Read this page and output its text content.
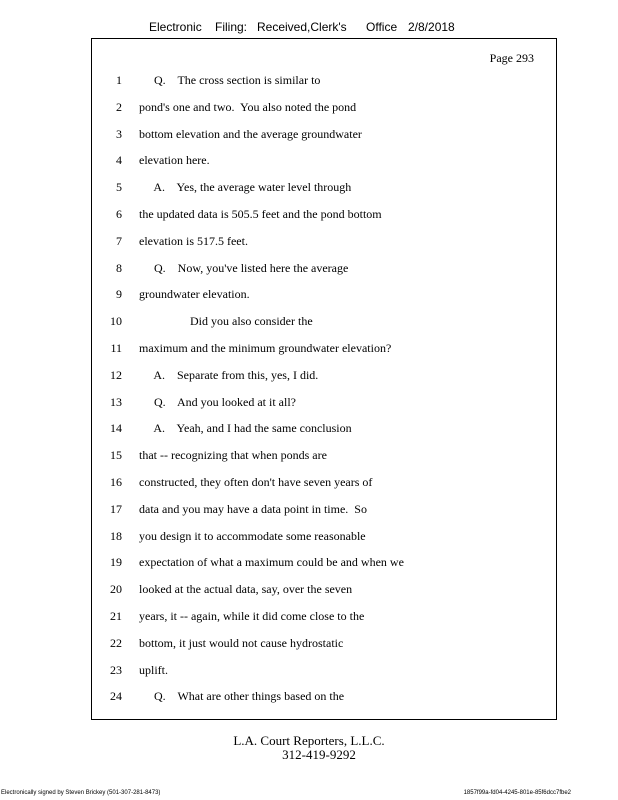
Electronic Filing: Received,Clerk's Office 2/8/2018
Page 293
1 Q.    The cross section is similar to
2 pond's one and two.  You also noted the pond
3 bottom elevation and the average groundwater
4 elevation here.
5 A.    Yes, the average water level through
6 the updated data is 505.5 feet and the pond bottom
7 elevation is 517.5 feet.
8 Q.    Now, you've listed here the average
9 groundwater elevation.
10 Did you also consider the
11 maximum and the minimum groundwater elevation?
12 A.    Separate from this, yes, I did.
13 Q.    And you looked at it all?
14 A.    Yeah, and I had the same conclusion
15 that -- recognizing that when ponds are
16 constructed, they often don't have seven years of
17 data and you may have a data point in time.  So
18 you design it to accommodate some reasonable
19 expectation of what a maximum could be and when we
20 looked at the actual data, say, over the seven
21 years, it -- again, while it did come close to the
22 bottom, it just would not cause hydrostatic
23 uplift.
24 Q.    What are other things based on the
L.A. Court Reporters, L.L.C.
312-419-9292
Electronically signed by Steven Brickey (501-307-281-8473)	1857f99a-fd04-4245-801e-85f6dcc7fbe2
